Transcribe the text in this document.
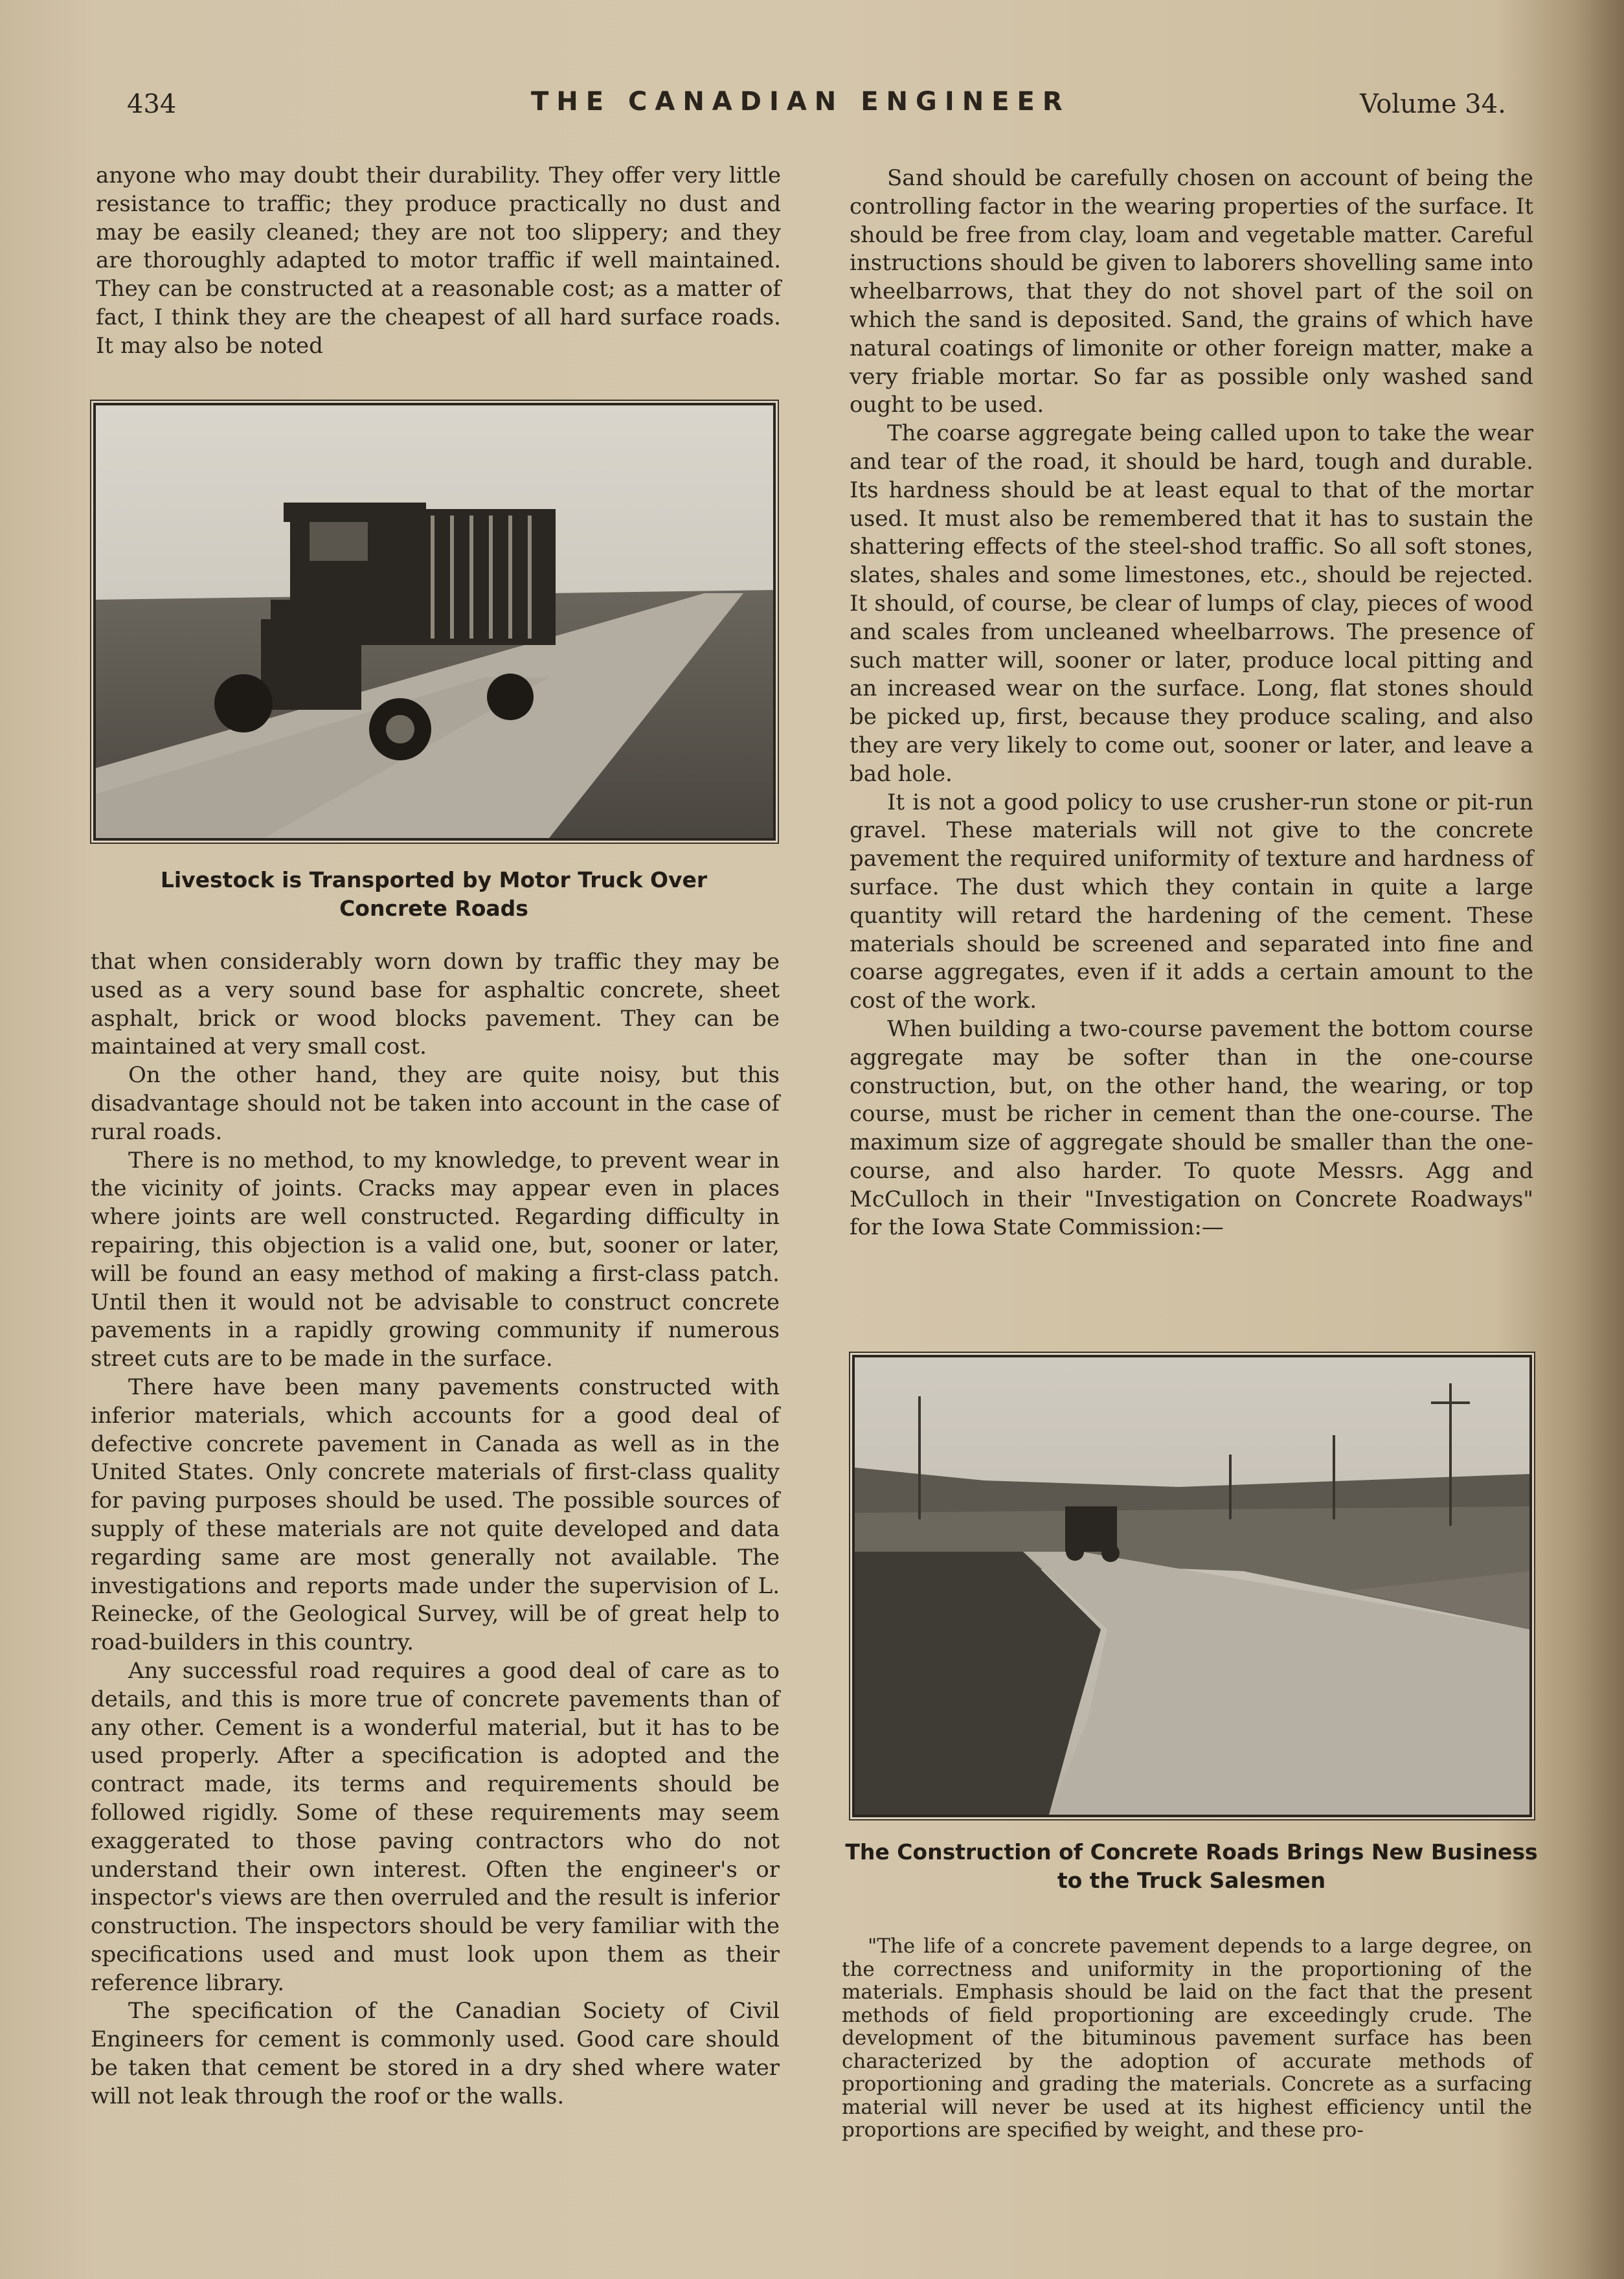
434	THE CANADIAN ENGINEER	Volume 34.

anyone who may doubt their durability. They offer very little resistance to traffic; they produce practically no dust and may be easily cleaned; they are not too slippery; and they are thoroughly adapted to motor traffic if well maintained. They can be constructed at a reasonable cost; as a matter of fact, I think they are the cheapest of all hard surface roads. It may also be noted

Livestock is Transported by Motor Truck Over Concrete Roads

that when considerably worn down by traffic they may be used as a very sound base for asphaltic concrete, sheet asphalt, brick or wood blocks pavement. They can be maintained at very small cost.

On the other hand, they are quite noisy, but this disadvantage should not be taken into account in the case of rural roads.

There is no method, to my knowledge, to prevent wear in the vicinity of joints. Cracks may appear even in places where joints are well constructed. Regarding difficulty in repairing, this objection is a valid one, but, sooner or later, will be found an easy method of making a first-class patch. Until then it would not be advisable to construct concrete pavements in a rapidly growing community if numerous street cuts are to be made in the surface.

There have been many pavements constructed with inferior materials, which accounts for a good deal of defective concrete pavement in Canada as well as in the United States. Only concrete materials of first-class quality for paving purposes should be used. The possible sources of supply of these materials are not quite developed and data regarding same are most generally not available. The investigations and reports made under the supervision of L. Reinecke, of the Geological Survey, will be of great help to road-builders in this country.

Any successful road requires a good deal of care as to details, and this is more true of concrete pavements than of any other. Cement is a wonderful material, but it has to be used properly. After a specification is adopted and the contract made, its terms and requirements should be followed rigidly. Some of these requirements may seem exaggerated to those paving contractors who do not understand their own interest. Often the engineer's or inspector's views are then overruled and the result is inferior construction. The inspectors should be very familiar with the specifications used and must look upon them as their reference library.

The specification of the Canadian Society of Civil Engineers for cement is commonly used. Good care should be taken that cement be stored in a dry shed where water will not leak through the roof or the walls.

Sand should be carefully chosen on account of being the controlling factor in the wearing properties of the surface. It should be free from clay, loam and vegetable matter. Careful instructions should be given to laborers shovelling same into wheelbarrows, that they do not shovel part of the soil on which the sand is deposited. Sand, the grains of which have natural coatings of limonite or other foreign matter, make a very friable mortar. So far as possible only washed sand ought to be used.

The coarse aggregate being called upon to take the wear and tear of the road, it should be hard, tough and durable. Its hardness should be at least equal to that of the mortar used. It must also be remembered that it has to sustain the shattering effects of the steel-shod traffic. So all soft stones, slates, shales and some limestones, etc., should be rejected. It should, of course, be clear of lumps of clay, pieces of wood and scales from uncleaned wheelbarrows. The presence of such matter will, sooner or later, produce local pitting and an increased wear on the surface. Long, flat stones should be picked up, first, because they produce scaling, and also they are very likely to come out, sooner or later, and leave a bad hole.

It is not a good policy to use crusher-run stone or pit-run gravel. These materials will not give to the concrete pavement the required uniformity of texture and hardness of surface. The dust which they contain in quite a large quantity will retard the hardening of the cement. These materials should be screened and separated into fine and coarse aggregates, even if it adds a certain amount to the cost of the work.

When building a two-course pavement the bottom course aggregate may be softer than in the one-course construction, but, on the other hand, the wearing, or top course, must be richer in cement than the one-course. The maximum size of aggregate should be smaller than the one-course, and also harder. To quote Messrs. Agg and McCulloch in their "Investigation on Concrete Roadways" for the Iowa State Commission:—

The Construction of Concrete Roads Brings New Business to the Truck Salesmen

"The life of a concrete pavement depends to a large degree, on the correctness and uniformity in the proportioning of the materials. Emphasis should be laid on the fact that the present methods of field proportioning are exceedingly crude. The development of the bituminous pavement surface has been characterized by the adoption of accurate methods of proportioning and grading the materials. Concrete as a surfacing material will never be used at its highest efficiency until the proportions are specified by weight, and these pro-
